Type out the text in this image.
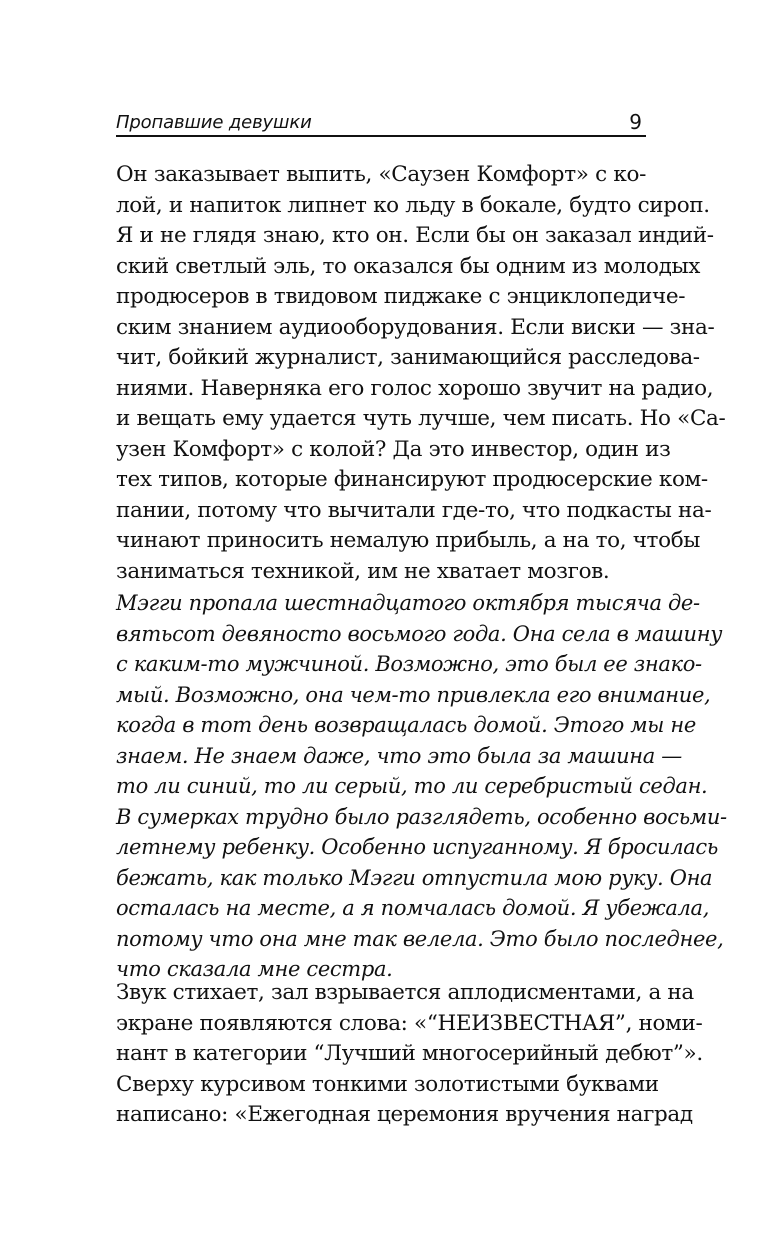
Пропавшие девушки	9
Он заказывает выпить, «Саузен Комфорт» с ко-
лой, и напиток липнет ко льду в бокале, будто сироп.
Я и не глядя знаю, кто он. Если бы он заказал индий-
ский светлый эль, то оказался бы одним из молодых
продюсеров в твидовом пиджаке с энциклопедиче-
ским знанием аудиооборудования. Если виски — зна-
чит, бойкий журналист, занимающийся расследова-
ниями. Наверняка его голос хорошо звучит на радио,
и вещать ему удается чуть лучше, чем писать. Но «Са-
узен Комфорт» с колой? Да это инвестор, один из
тех типов, которые финансируют продюсерские ком-
пании, потому что вычитали где-то, что подкасты на-
чинают приносить немалую прибыль, а на то, чтобы
заниматься техникой, им не хватает мозгов.
Мэгги пропала шестнадцатого октября тысяча де-
вятьсот девяносто восьмого года. Она села в машину
с каким-то мужчиной. Возможно, это был ее знако-
мый. Возможно, она чем-то привлекла его внимание,
когда в тот день возвращалась домой. Этого мы не
знаем. Не знаем даже, что это была за машина —
то ли синий, то ли серый, то ли серебристый седан.
В сумерках трудно было разглядеть, особенно восьми-
летнему ребенку. Особенно испуганному. Я бросилась
бежать, как только Мэгги отпустила мою руку. Она
осталась на месте, а я помчалась домой. Я убежала,
потому что она мне так велела. Это было последнее,
что сказала мне сестра.
Звук стихает, зал взрывается аплодисментами, а на
экране появляются слова: «“НЕИЗВЕСТНАЯ”, номи-
нант в категории “Лучший многосерийный дебют”».
Сверху курсивом тонкими золотистыми буквами
написано: «Ежегодная церемония вручения наград
